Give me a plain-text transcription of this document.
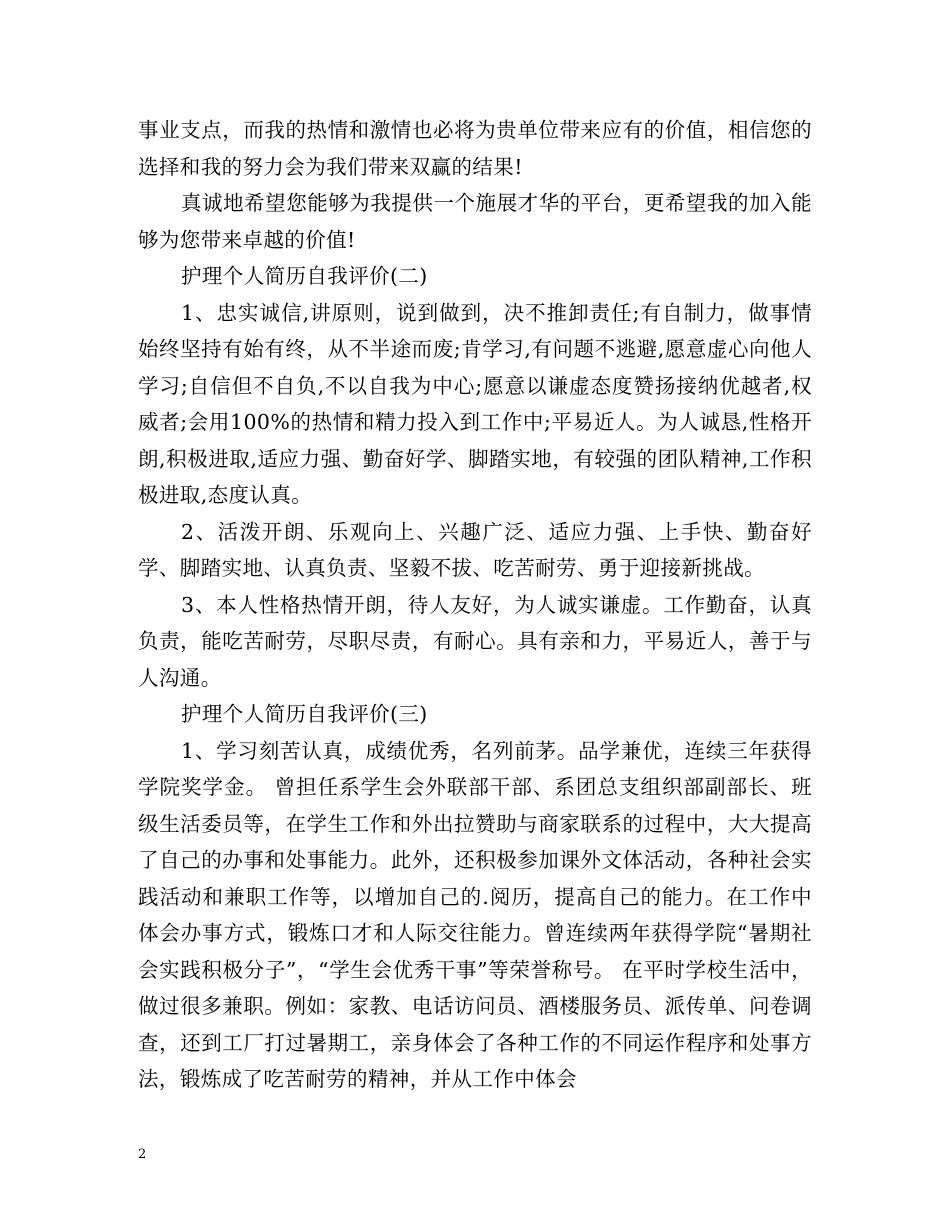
事业支点，而我的热情和激情也必将为贵单位带来应有的价值，相信您的选择和我的努力会为我们带来双赢的结果!

真诚地希望您能够为我提供一个施展才华的平台，更希望我的加入能够为您带来卓越的价值!

护理个人简历自我评价(二)

1、忠实诚信,讲原则，说到做到，决不推卸责任;有自制力，做事情始终坚持有始有终，从不半途而废;肯学习,有问题不逃避,愿意虚心向他人学习;自信但不自负,不以自我为中心;愿意以谦虚态度赞扬接纳优越者,权威者;会用100%的热情和精力投入到工作中;平易近人。为人诚恳,性格开朗,积极进取,适应力强、勤奋好学、脚踏实地，有较强的团队精神,工作积极进取,态度认真。

2、活泼开朗、乐观向上、兴趣广泛、适应力强、上手快、勤奋好学、脚踏实地、认真负责、坚毅不拔、吃苦耐劳、勇于迎接新挑战。

3、本人性格热情开朗，待人友好，为人诚实谦虚。工作勤奋，认真负责，能吃苦耐劳，尽职尽责，有耐心。具有亲和力，平易近人，善于与人沟通。

护理个人简历自我评价(三)

1、学习刻苦认真，成绩优秀，名列前茅。品学兼优，连续三年获得学院奖学金。 曾担任系学生会外联部干部、系团总支组织部副部长、班级生活委员等，在学生工作和外出拉赞助与商家联系的过程中，大大提高了自己的办事和处事能力。此外，还积极参加课外文体活动，各种社会实践活动和兼职工作等，以增加自己的.阅历，提高自己的能力。在工作中体会办事方式，锻炼口才和人际交往能力。曾连续两年获得学院“暑期社会实践积极分子”，“学生会优秀干事”等荣誉称号。 在平时学校生活中，做过很多兼职。例如：家教、电话访问员、酒楼服务员、派传单、问卷调查，还到工厂打过暑期工，亲身体会了各种工作的不同运作程序和处事方法，锻炼成了吃苦耐劳的精神，并从工作中体会

2
